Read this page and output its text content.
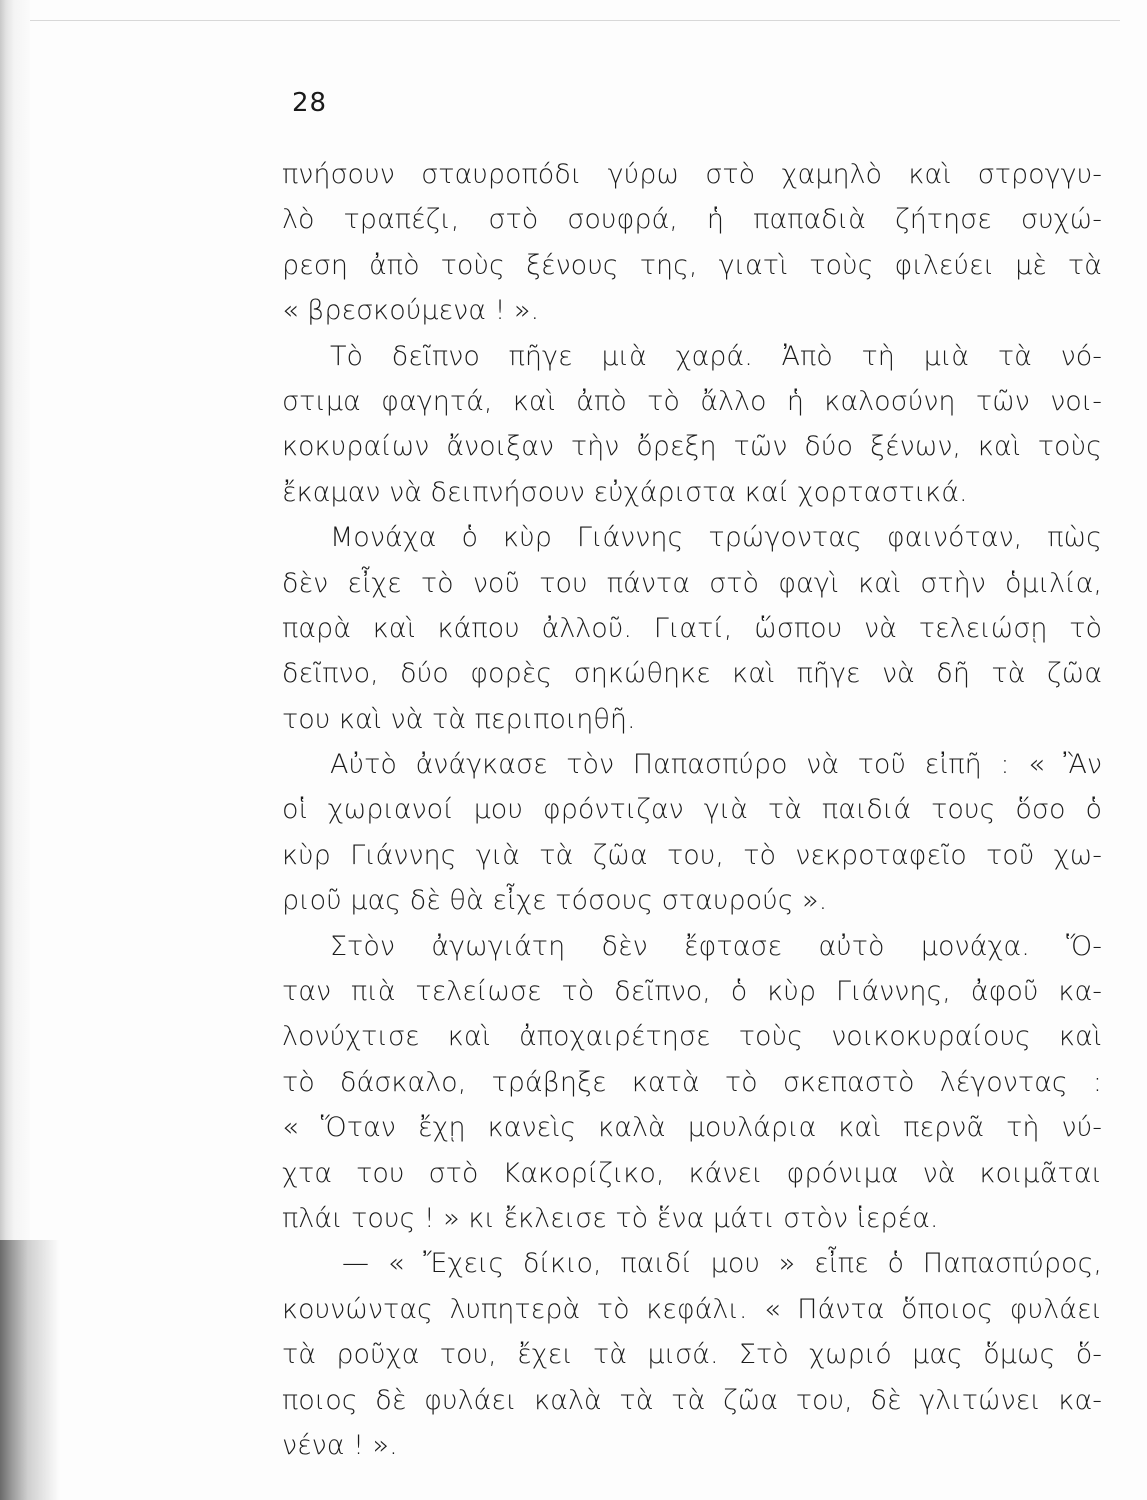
28
πνήσουν σταυροπόδι γύρω στὸ χαμηλὸ καὶ στρογγυ-
λὸ τραπέζι, στὸ σουφρά, ἡ παπαδιὰ ζήτησε συχώ-
ρεση ἀπὸ τοὺς ξένους της, γιατὶ τοὺς φιλεύει μὲ τὰ
« βρεσκούμενα ! ».
Τὸ δεῖπνο πῆγε μιὰ χαρά. Ἀπὸ τὴ μιὰ τὰ νό-
στιμα φαγητά, καὶ ἀπὸ τὸ ἄλλο ἡ καλοσύνη τῶν νοι-
κοκυραίων ἄνοιξαν τὴν ὄρεξη τῶν δύο ξένων, καὶ τοὺς
ἔκαμαν νὰ δειπνήσουν εὐχάριστα καί χορταστικά.
Μονάχα ὁ κὺρ Γιάννης τρώγοντας φαινόταν, πὼς
δὲν εἶχε τὸ νοῦ του πάντα στὸ φαγὶ καὶ στὴν ὁμιλία,
παρὰ καὶ κάπου ἀλλοῦ. Γιατί, ὥσπου νὰ τελειώσῃ τὸ
δεῖπνο, δύο φορὲς σηκώθηκε καὶ πῆγε νὰ δῆ τὰ ζῶα
του καὶ νὰ τὰ περιποιηθῆ.
Αὐτὸ ἀνάγκασε τὸν Παπασπύρο νὰ τοῦ εἰπῆ : « Ἂν
οἱ χωριανοί μου φρόντιζαν γιὰ τὰ παιδιά τους ὅσο ὁ
κὺρ Γιάννης γιὰ τὰ ζῶα του, τὸ νεκροταφεῖο τοῦ χω-
ριοῦ μας δὲ θὰ εἶχε τόσους σταυρούς ».
Στὸν ἀγωγιάτη δὲν ἔφτασε αὐτὸ μονάχα. Ὅ-
ταν πιὰ τελείωσε τὸ δεῖπνο, ὁ κὺρ Γιάννης, ἀφοῦ κα-
λονύχτισε καὶ ἀποχαιρέτησε τοὺς νοικοκυραίους καὶ
τὸ δάσκαλο, τράβηξε κατὰ τὸ σκεπαστὸ λέγοντας :
« Ὅταν ἔχῃ κανεὶς καλὰ μουλάρια καὶ περνᾶ τὴ νύ-
χτα του στὸ Κακορίζικο, κάνει φρόνιμα νὰ κοιμᾶται
πλάι τους ! » κι ἔκλεισε τὸ ἕνα μάτι στὸν ἱερέα.
— « Ἔχεις δίκιο, παιδί μου » εἶπε ὁ Παπασπύρος,
κουνώντας λυπητερὰ τὸ κεφάλι. « Πάντα ὅποιος φυλάει
τὰ ροῦχα του, ἔχει τὰ μισά. Στὸ χωριό μας ὅμως ὅ-
ποιος δὲ φυλάει καλὰ τὰ τὰ ζῶα του, δὲ γλιτώνει κα-
νένα ! ».
